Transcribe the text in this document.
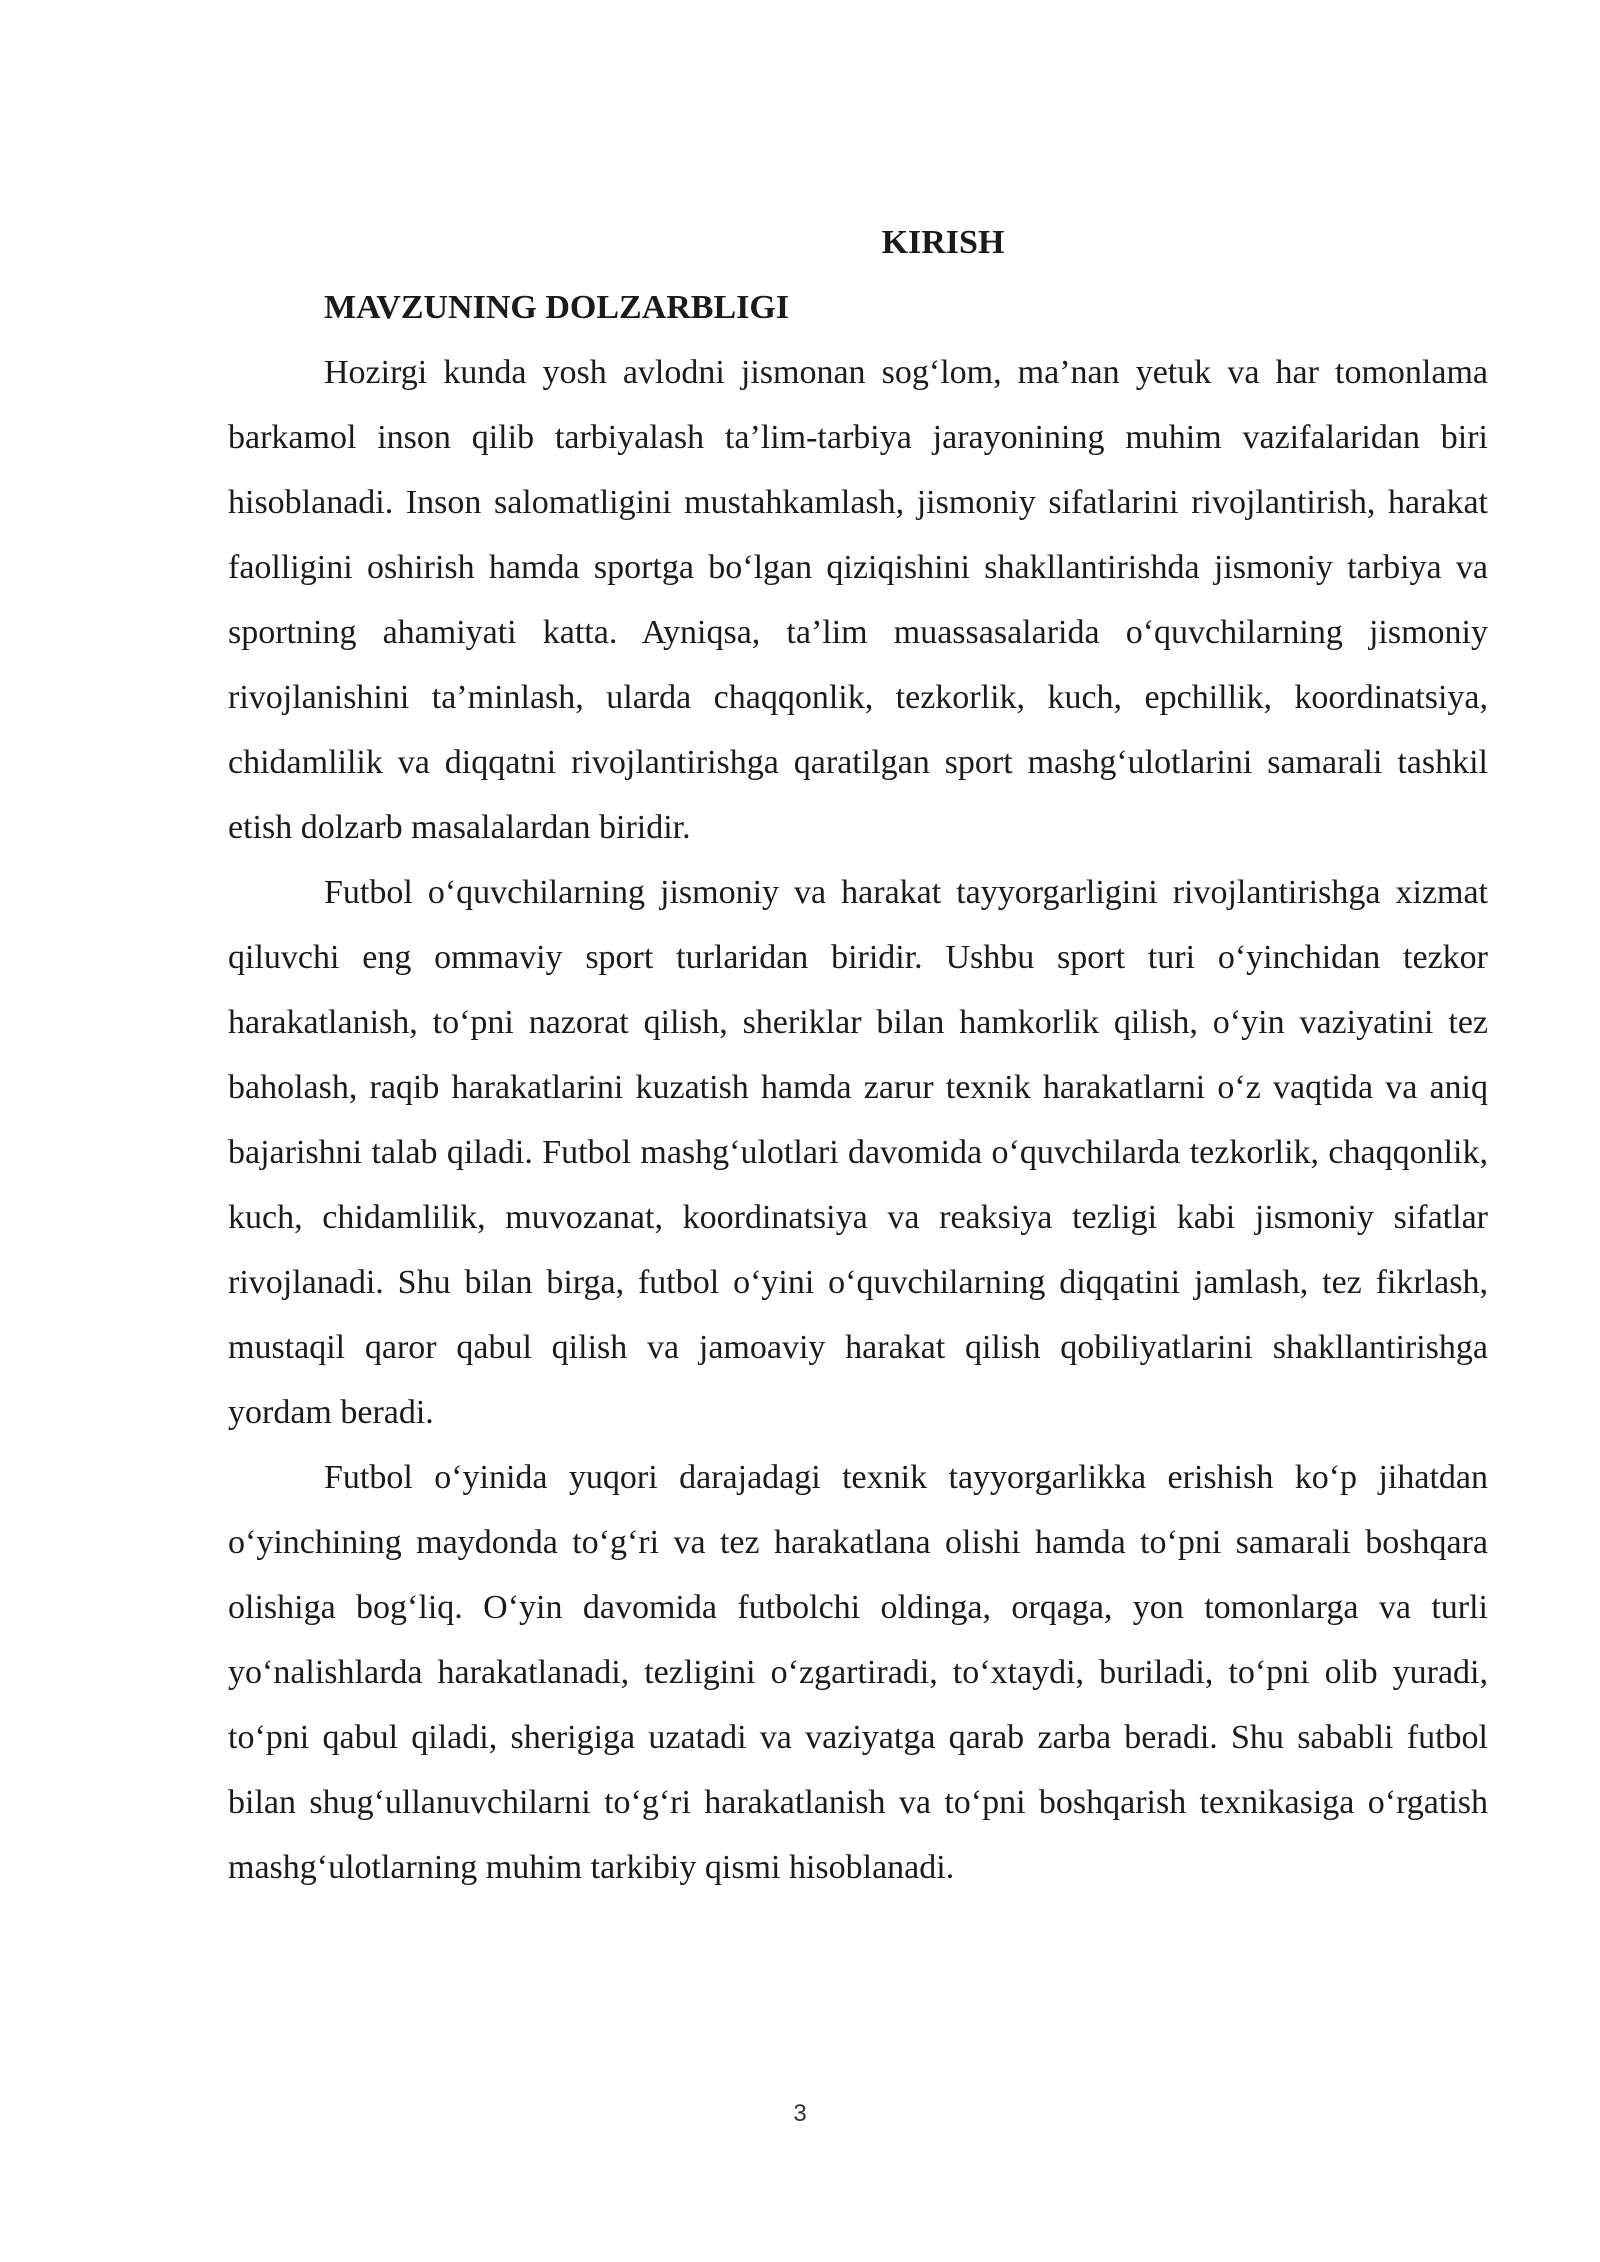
KIRISH
MAVZUNING DOLZARBLIGI

Hozirgi kunda yosh avlodni jismonan sog‘lom, ma’nan yetuk va har tomonlama barkamol inson qilib tarbiyalash ta’lim-tarbiya jarayonining muhim vazifalaridan biri hisoblanadi. Inson salomatligini mustahkamlash, jismoniy sifatlarini rivojlantirish, harakat faolligini oshirish hamda sportga bo‘lgan qiziqishini shakllantirishda jismoniy tarbiya va sportning ahamiyati katta. Ayniqsa, ta’lim muassasalarida o‘quvchilarning jismoniy rivojlanishini ta’minlash, ularda chaqqonlik, tezkorlik, kuch, epchillik, koordinatsiya, chidamlilik va diqqatni rivojlantirishga qaratilgan sport mashg‘ulotlarini samarali tashkil etish dolzarb masalalardan biridir.

Futbol o‘quvchilarning jismoniy va harakat tayyorgarligini rivojlantirishga xizmat qiluvchi eng ommaviy sport turlaridan biridir. Ushbu sport turi o‘yinchidan tezkor harakatlanish, to‘pni nazorat qilish, sheriklar bilan hamkorlik qilish, o‘yin vaziyatini tez baholash, raqib harakatlarini kuzatish hamda zarur texnik harakatlarni o‘z vaqtida va aniq bajarishni talab qiladi. Futbol mashg‘ulotlari davomida o‘quvchilarda tezkorlik, chaqqonlik, kuch, chidamlilik, muvozanat, koordinatsiya va reaksiya tezligi kabi jismoniy sifatlar rivojlanadi. Shu bilan birga, futbol o‘yini o‘quvchilarning diqqatini jamlash, tez fikrlash, mustaqil qaror qabul qilish va jamoaviy harakat qilish qobiliyatlarini shakllantirishga yordam beradi.

Futbol o‘yinida yuqori darajadagi texnik tayyorgarlikka erishish ko‘p jihatdan o‘yinchining maydonda to‘g‘ri va tez harakatlana olishi hamda to‘pni samarali boshqara olishiga bog‘liq. O‘yin davomida futbolchi oldinga, orqaga, yon tomonlarga va turli yo‘nalishlarda harakatlanadi, tezligini o‘zgartiradi, to‘xtaydi, buriladi, to‘pni olib yuradi, to‘pni qabul qiladi, sherigiga uzatadi va vaziyatga qarab zarba beradi. Shu sababli futbol bilan shug‘ullanuvchilarni to‘g‘ri harakatlanish va to‘pni boshqarish texnikasiga o‘rgatish mashg‘ulotlarning muhim tarkibiy qismi hisoblanadi.

3
